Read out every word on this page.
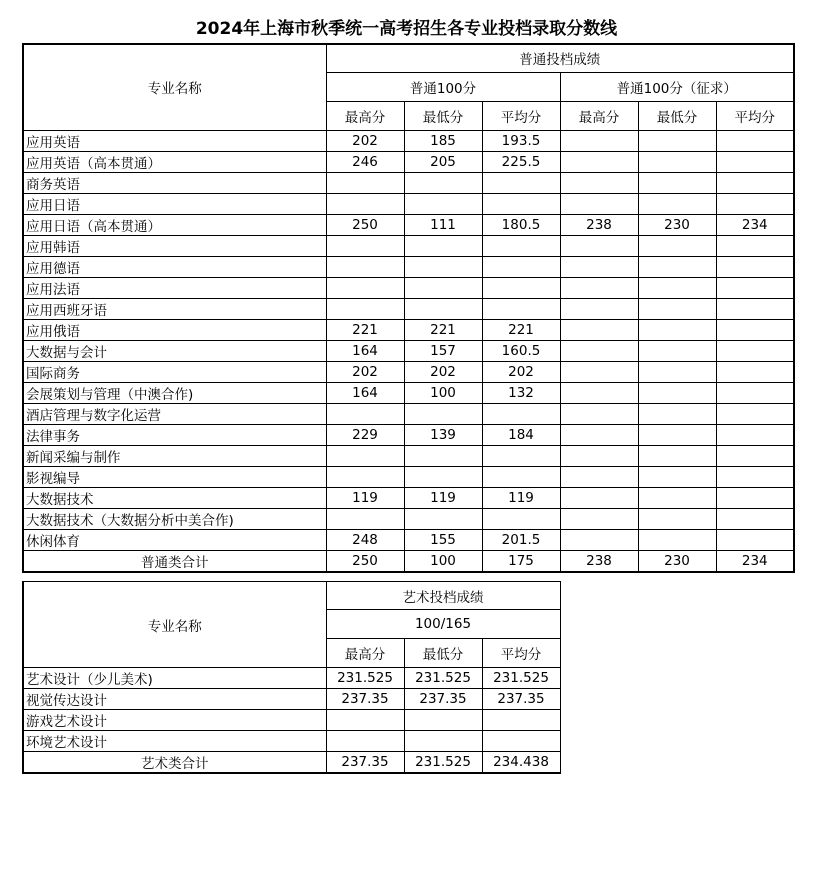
2024年上海市秋季统一高考招生各专业投档录取分数线
专业名称	普通投档成绩					
	普通100分			普通100分（征求）		
	最高分	最低分	平均分	最高分	最低分	平均分
应用英语	202	185	193.5			
应用英语（高本贯通）	246	205	225.5			
商务英语						
应用日语						
应用日语（高本贯通）	250	111	180.5	238	230	234
应用韩语						
应用德语						
应用法语						
应用西班牙语						
应用俄语	221	221	221			
大数据与会计	164	157	160.5			
国际商务	202	202	202			
会展策划与管理（中澳合作)	164	100	132			
酒店管理与数字化运营						
法律事务	229	139	184			
新闻采编与制作						
影视编导						
大数据技术	119	119	119			
大数据技术（大数据分析中美合作)						
休闲体育	248	155	201.5			
普通类合计	250	100	175	238	230	234
专业名称	艺术投档成绩		
	100/165		
	最高分	最低分	平均分
艺术设计（少儿美术)	231.525	231.525	231.525
视觉传达设计	237.35	237.35	237.35
游戏艺术设计			
环境艺术设计			
艺术类合计	237.35	231.525	234.438
